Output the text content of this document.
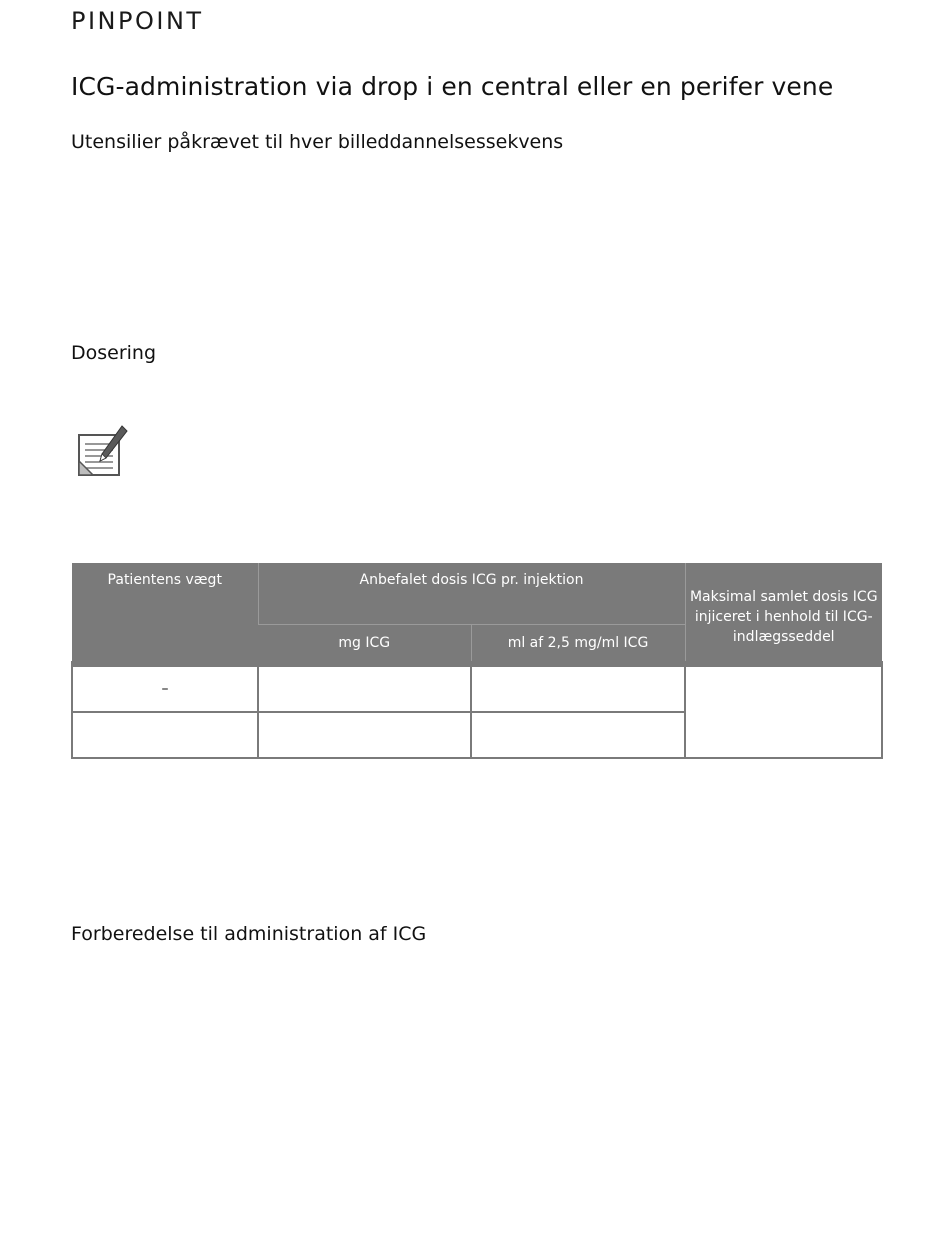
PINPOINT
ICG-administration via drop i en central eller en perifer vene
Utensilier påkrævet til hver billeddannelsessekvens
Dosering
Patientens vægt	Anbefalet dosis ICG pr. injektion		Maksimal samlet dosis ICG injiceret i henhold til ICG-indlægsseddel
	mg ICG	ml af 2,5 mg/ml ICG	
–			

Forberedelse til administration af ICG
